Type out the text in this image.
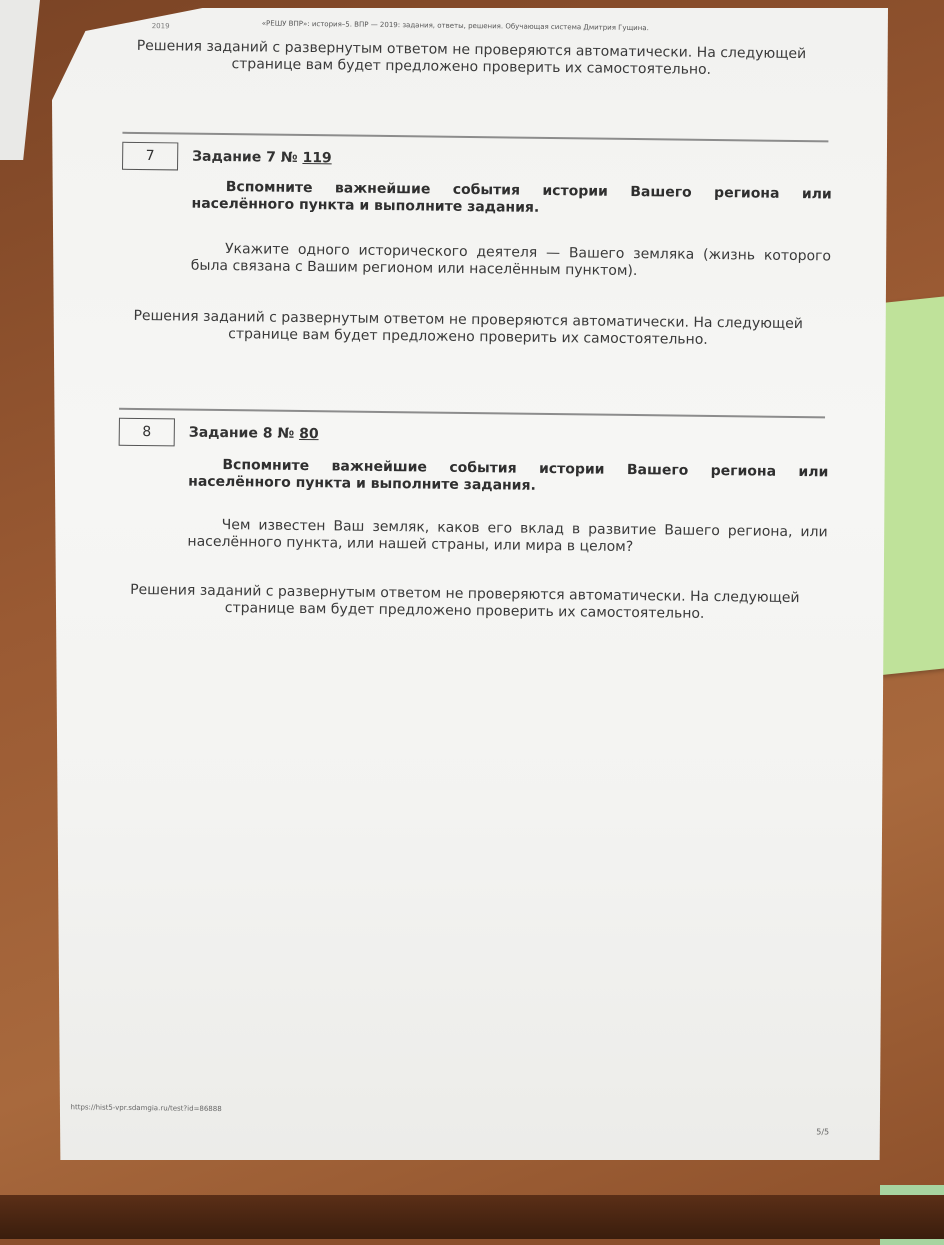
2019	«РЕШУ ВПР»: история–5. ВПР — 2019: задания, ответы, решения. Обучающая система Дмитрия Гущина.
Решения заданий с развернутым ответом не проверяются автоматически. На следующей странице вам будет предложено проверить их самостоятельно.
7	Задание 7 № 119
Вспомните важнейшие события истории Вашего региона или населённого пункта и выполните задания.
Укажите одного исторического деятеля — Вашего земляка (жизнь которого была связана с Вашим регионом или населённым пунктом).
Решения заданий с развернутым ответом не проверяются автоматически. На следующей странице вам будет предложено проверить их самостоятельно.
8	Задание 8 № 80
Вспомните важнейшие события истории Вашего региона или населённого пункта и выполните задания.
Чем известен Ваш земляк, каков его вклад в развитие Вашего региона, или населённого пункта, или нашей страны, или мира в целом?
Решения заданий с развернутым ответом не проверяются автоматически. На следующей странице вам будет предложено проверить их самостоятельно.
https://hist5-vpr.sdamgia.ru/test?id=86888
5/5
